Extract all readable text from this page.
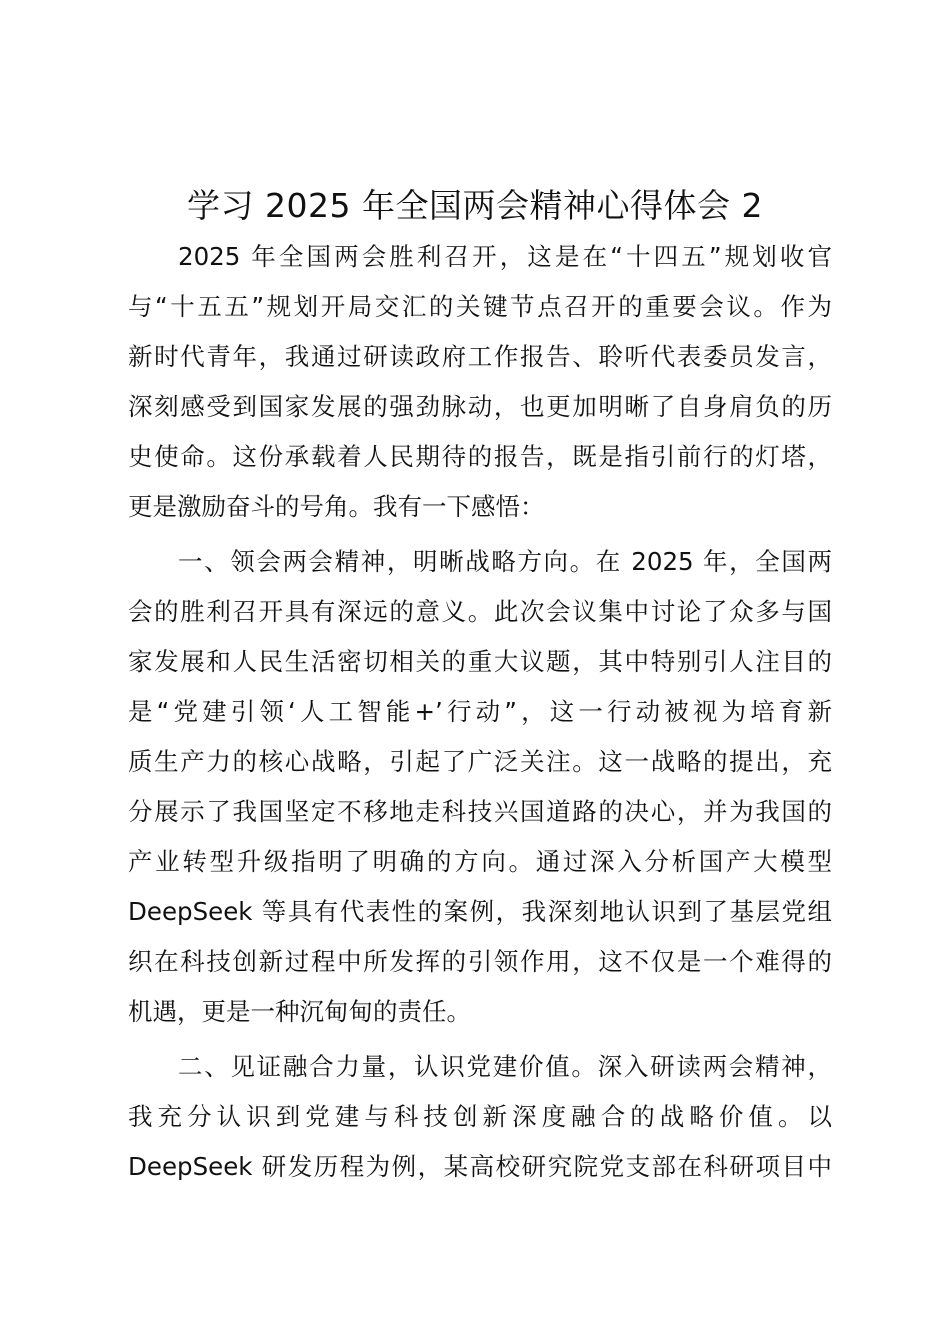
学习 2025 年全国两会精神心得体会 2
2025 年全国两会胜利召开，这是在“十四五”规划收官
与“十五五”规划开局交汇的关键节点召开的重要会议。作为
新时代青年，我通过研读政府工作报告、聆听代表委员发言，
深刻感受到国家发展的强劲脉动，也更加明晰了自身肩负的历
史使命。这份承载着人民期待的报告，既是指引前行的灯塔，
更是激励奋斗的号角。我有一下感悟：
一、领会两会精神，明晰战略方向。在 2025 年，全国两
会的胜利召开具有深远的意义。此次会议集中讨论了众多与国
家发展和人民生活密切相关的重大议题，其中特别引人注目的
是“党建引领‘人工智能+’行动”，这一行动被视为培育新
质生产力的核心战略，引起了广泛关注。这一战略的提出，充
分展示了我国坚定不移地走科技兴国道路的决心，并为我国的
产业转型升级指明了明确的方向。通过深入分析国产大模型
DeepSeek 等具有代表性的案例，我深刻地认识到了基层党组
织在科技创新过程中所发挥的引领作用，这不仅是一个难得的
机遇，更是一种沉甸甸的责任。
二、见证融合力量，认识党建价值。深入研读两会精神，
我充分认识到党建与科技创新深度融合的战略价值。以
DeepSeek 研发历程为例，某高校研究院党支部在科研项目中
